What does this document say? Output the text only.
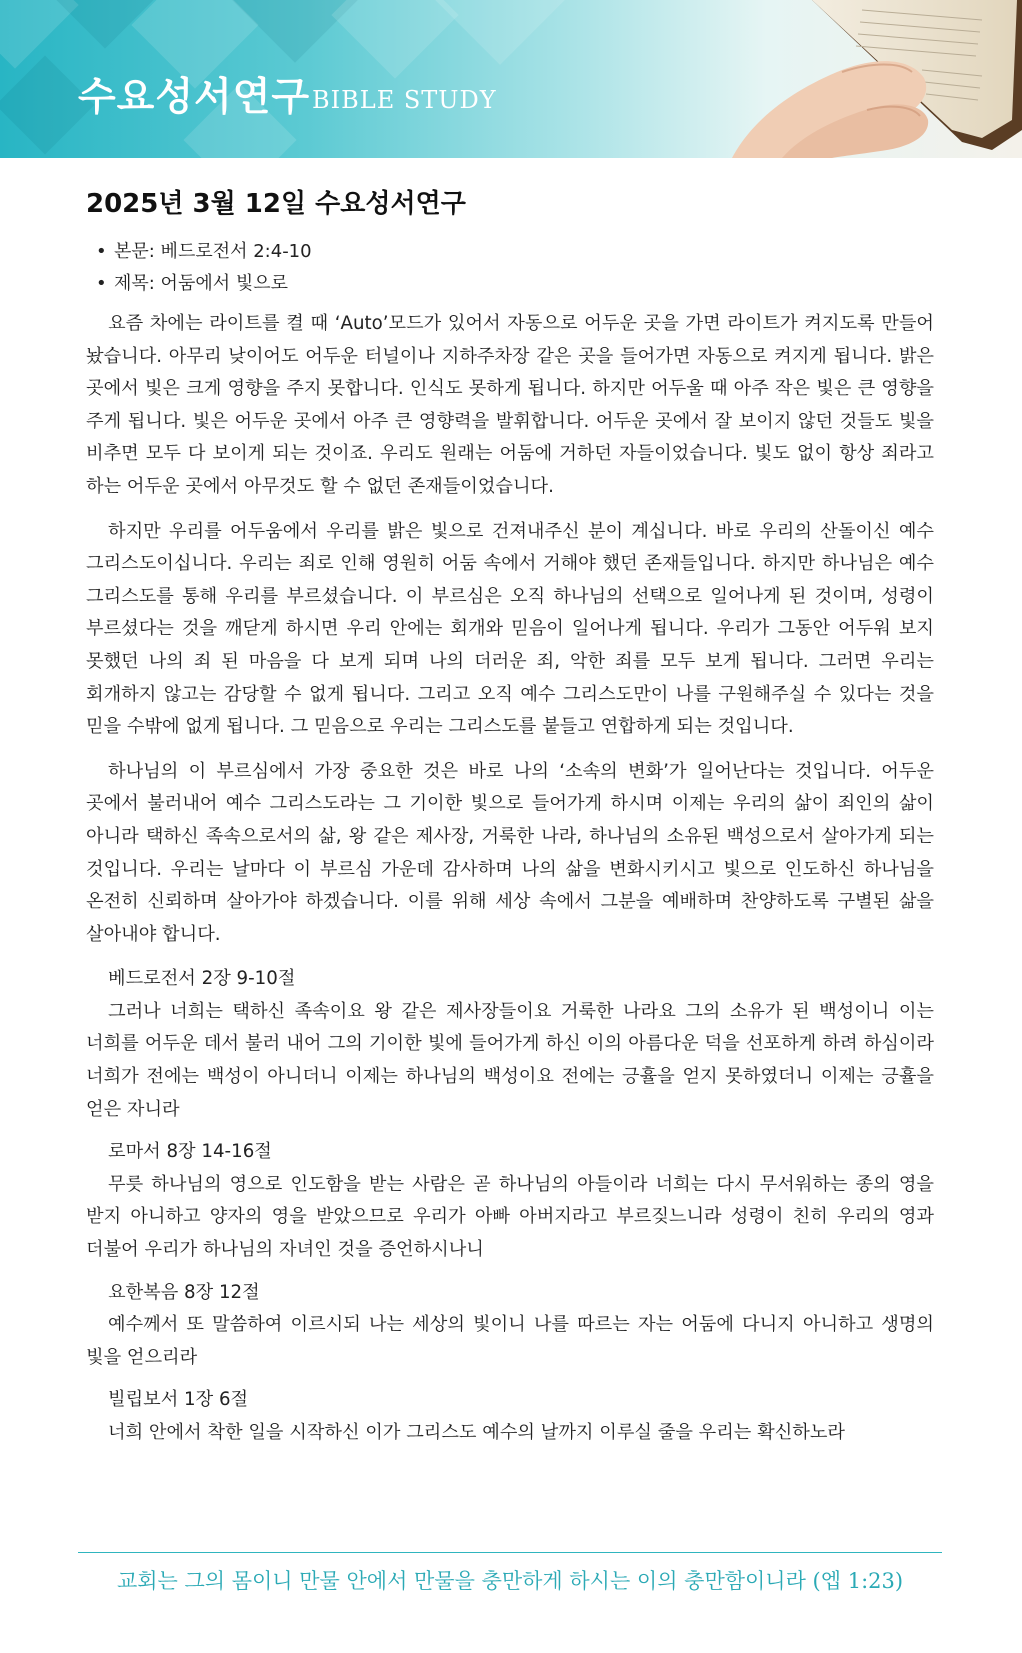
수요성서연구 BIBLE STUDY
2025년 3월 12일 수요성서연구
• 본문: 베드로전서 2:4-10
• 제목: 어둠에서 빛으로

요즘 차에는 라이트를 켤 때 ‘Auto’모드가 있어서 자동으로 어두운 곳을 가면 라이트가 켜지도록 만들어 놨습니다. 아무리 낮이어도 어두운 터널이나 지하주차장 같은 곳을 들어가면 자동으로 켜지게 됩니다. 밝은 곳에서 빛은 크게 영향을 주지 못합니다. 인식도 못하게 됩니다. 하지만 어두울 때 아주 작은 빛은 큰 영향을 주게 됩니다. 빛은 어두운 곳에서 아주 큰 영향력을 발휘합니다. 어두운 곳에서 잘 보이지 않던 것들도 빛을 비추면 모두 다 보이게 되는 것이죠. 우리도 원래는 어둠에 거하던 자들이었습니다. 빛도 없이 항상 죄라고 하는 어두운 곳에서 아무것도 할 수 없던 존재들이었습니다.

하지만 우리를 어두움에서 우리를 밝은 빛으로 건져내주신 분이 계십니다. 바로 우리의 산돌이신 예수 그리스도이십니다. 우리는 죄로 인해 영원히 어둠 속에서 거해야 했던 존재들입니다. 하지만 하나님은 예수 그리스도를 통해 우리를 부르셨습니다. 이 부르심은 오직 하나님의 선택으로 일어나게 된 것이며, 성령이 부르셨다는 것을 깨닫게 하시면 우리 안에는 회개와 믿음이 일어나게 됩니다. 우리가 그동안 어두워 보지 못했던 나의 죄 된 마음을 다 보게 되며 나의 더러운 죄, 악한 죄를 모두 보게 됩니다. 그러면 우리는 회개하지 않고는 감당할 수 없게 됩니다. 그리고 오직 예수 그리스도만이 나를 구원해주실 수 있다는 것을 믿을 수밖에 없게 됩니다. 그 믿음으로 우리는 그리스도를 붙들고 연합하게 되는 것입니다.

하나님의 이 부르심에서 가장 중요한 것은 바로 나의 ‘소속의 변화’가 일어난다는 것입니다. 어두운 곳에서 불러내어 예수 그리스도라는 그 기이한 빛으로 들어가게 하시며 이제는 우리의 삶이 죄인의 삶이 아니라 택하신 족속으로서의 삶, 왕 같은 제사장, 거룩한 나라, 하나님의 소유된 백성으로서 살아가게 되는 것입니다. 우리는 날마다 이 부르심 가운데 감사하며 나의 삶을 변화시키시고 빛으로 인도하신 하나님을 온전히 신뢰하며 살아가야 하겠습니다. 이를 위해 세상 속에서 그분을 예배하며 찬양하도록 구별된 삶을 살아내야 합니다.

베드로전서 2장 9-10절

그러나 너희는 택하신 족속이요 왕 같은 제사장들이요 거룩한 나라요 그의 소유가 된 백성이니 이는 너희를 어두운 데서 불러 내어 그의 기이한 빛에 들어가게 하신 이의 아름다운 덕을 선포하게 하려 하심이라 너희가 전에는 백성이 아니더니 이제는 하나님의 백성이요 전에는 긍휼을 얻지 못하였더니 이제는 긍휼을 얻은 자니라

로마서 8장 14-16절

무릇 하나님의 영으로 인도함을 받는 사람은 곧 하나님의 아들이라 너희는 다시 무서워하는 종의 영을 받지 아니하고 양자의 영을 받았으므로 우리가 아빠 아버지라고 부르짖느니라 성령이 친히 우리의 영과 더불어 우리가 하나님의 자녀인 것을 증언하시나니

요한복음 8장 12절

예수께서 또 말씀하여 이르시되 나는 세상의 빛이니 나를 따르는 자는 어둠에 다니지 아니하고 생명의 빛을 얻으리라

빌립보서 1장 6절

너희 안에서 착한 일을 시작하신 이가 그리스도 예수의 날까지 이루실 줄을 우리는 확신하노라

교회는 그의 몸이니 만물 안에서 만물을 충만하게 하시는 이의 충만함이니라 (엡 1:23)
